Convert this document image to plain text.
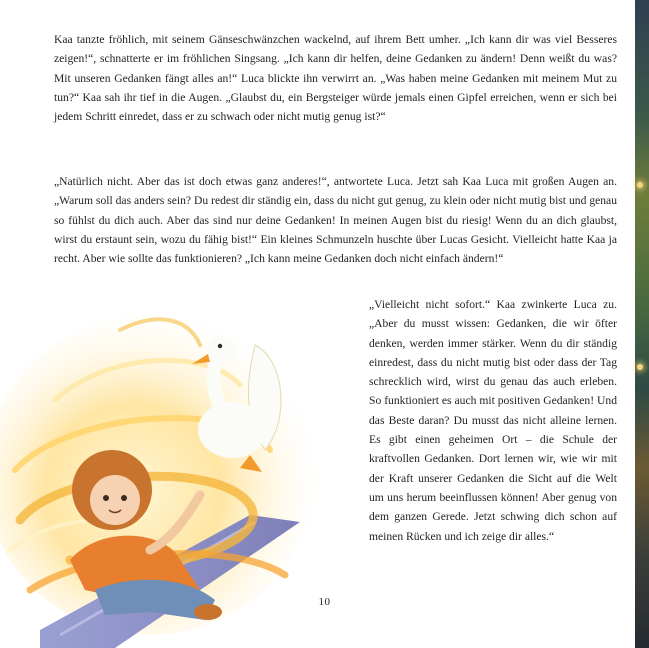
Kaa tanzte fröhlich, mit seinem Gänseschwänzchen wackelnd, auf ihrem Bett umher. „Ich kann dir was viel Besseres zeigen!“, schnatterte er im fröhlichen Singsang. „Ich kann dir helfen, deine Gedanken zu ändern! Denn weißt du was? Mit unseren Gedanken fängt alles an!“ Luca blickte ihn verwirrt an. „Was haben meine Gedanken mit meinem Mut zu tun?“ Kaa sah ihr tief in die Augen. „Glaubst du, ein Bergsteiger würde jemals einen Gipfel erreichen, wenn er sich bei jedem Schritt einredet, dass er zu schwach oder nicht mutig genug ist?“

„Natürlich nicht. Aber das ist doch etwas ganz anderes!“, antwortete Luca. Jetzt sah Kaa Luca mit großen Augen an. „Warum soll das anders sein? Du redest dir ständig ein, dass du nicht gut genug, zu klein oder nicht mutig bist und genau so fühlst du dich auch. Aber das sind nur deine Gedanken! In meinen Augen bist du riesig! Wenn du an dich glaubst, wirst du erstaunt sein, wozu du fähig bist!“ Ein kleines Schmunzeln huschte über Lucas Gesicht. Vielleicht hatte Kaa ja recht. Aber wie sollte das funktionieren? „Ich kann meine Gedanken doch nicht einfach ändern!“

„Vielleicht nicht sofort.“ Kaa zwinkerte Luca zu. „Aber du musst wissen: Gedanken, die wir öfter denken, werden immer stärker. Wenn du dir ständig einredest, dass du nicht mutig bist oder dass der Tag schrecklich wird, wirst du genau das auch erleben. So funktioniert es auch mit positiven Gedanken! Und das Beste daran? Du musst das nicht alleine lernen. Es gibt einen geheimen Ort – die Schule der kraftvollen Gedanken. Dort lernen wir, wie wir mit der Kraft unserer Gedanken die Sicht auf die Welt um uns herum beeinflussen können! Aber genug von dem ganzen Gerede. Jetzt schwing dich schon auf meinen Rücken und ich zeige dir alles.“

10
